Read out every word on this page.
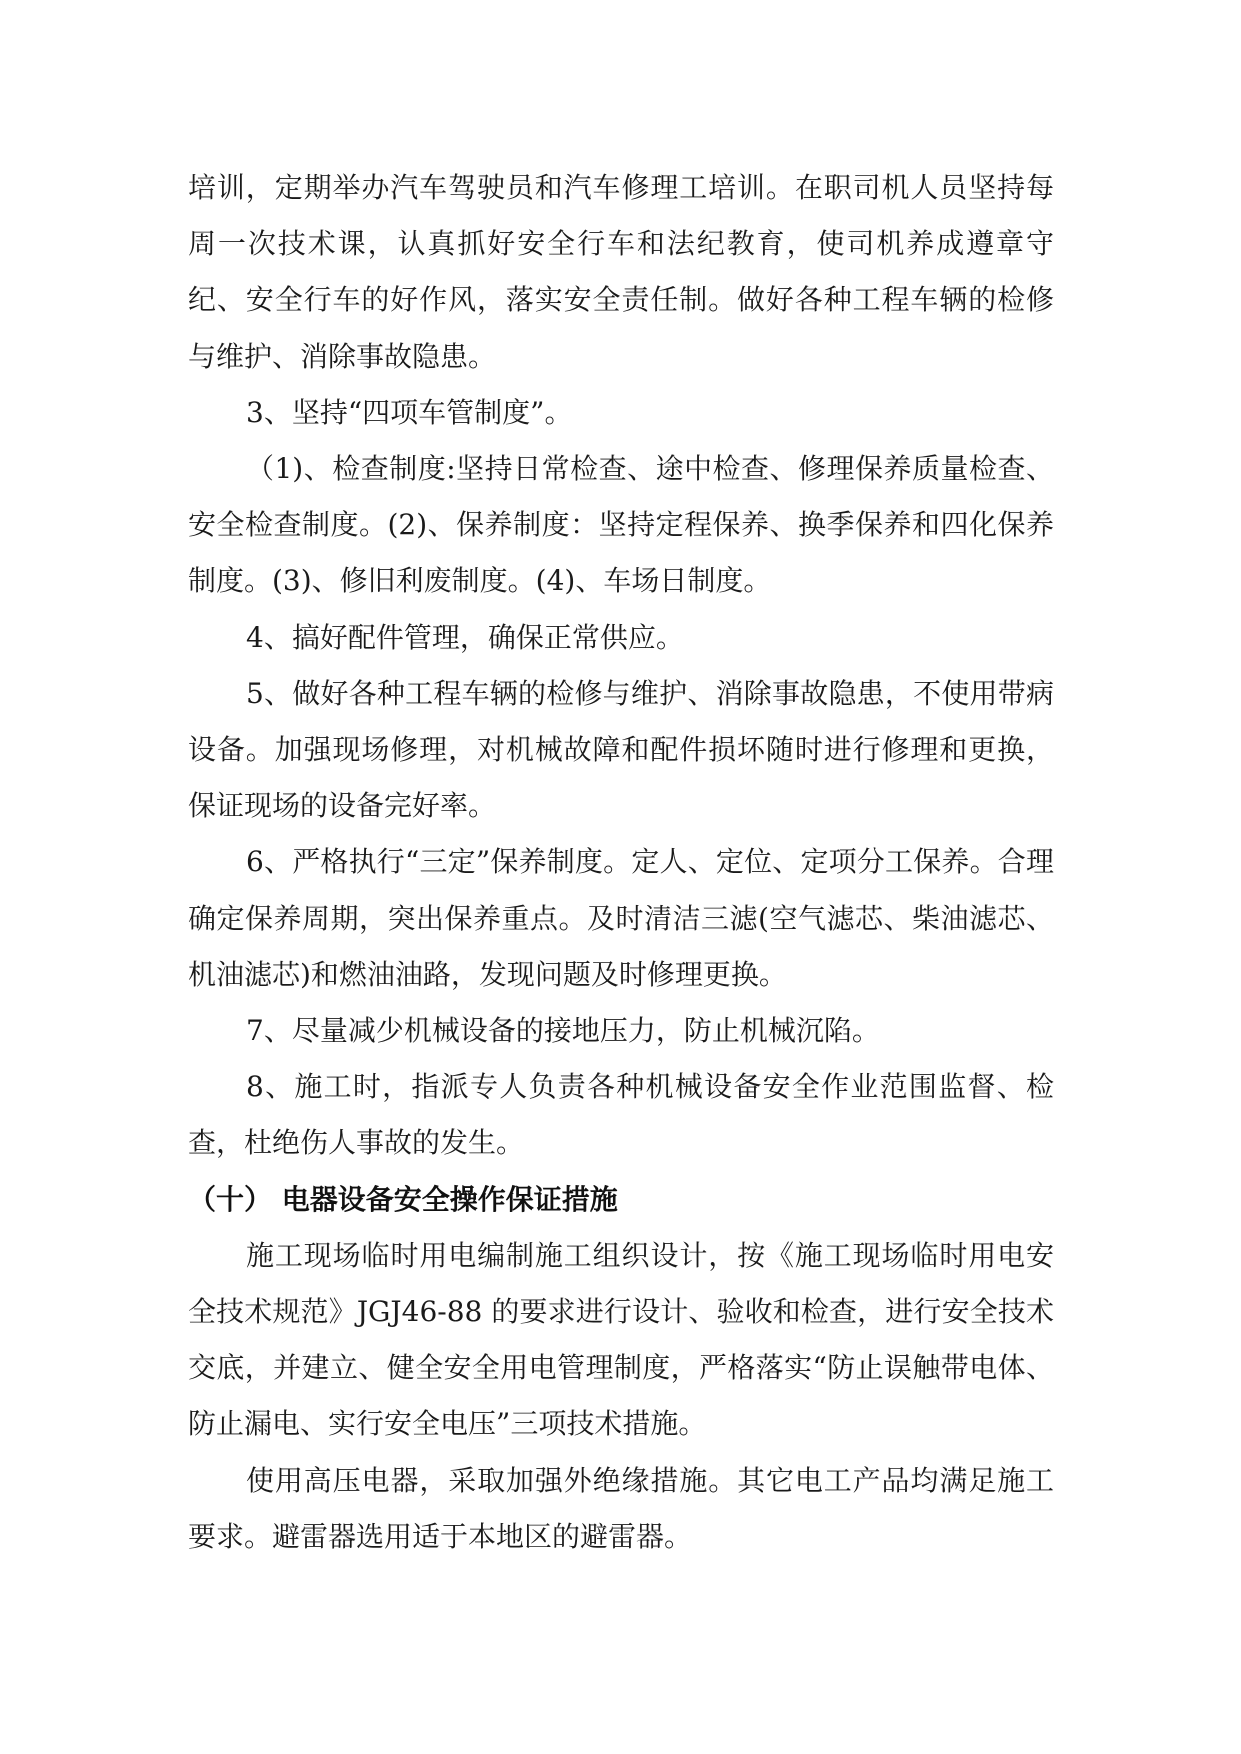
培训，定期举办汽车驾驶员和汽车修理工培训。在职司机人员坚持每周一次技术课，认真抓好安全行车和法纪教育，使司机养成遵章守纪、安全行车的好作风，落实安全责任制。做好各种工程车辆的检修与维护、消除事故隐患。

3、坚持“四项车管制度”。

（1)、检查制度:坚持日常检查、途中检查、修理保养质量检查、安全检查制度。(2)、保养制度：坚持定程保养、换季保养和四化保养制度。(3)、修旧利废制度。(4)、车场日制度。

4、搞好配件管理，确保正常供应。

5、做好各种工程车辆的检修与维护、消除事故隐患，不使用带病设备。加强现场修理，对机械故障和配件损坏随时进行修理和更换，保证现场的设备完好率。

6、严格执行“三定”保养制度。定人、定位、定项分工保养。合理确定保养周期，突出保养重点。及时清洁三滤(空气滤芯、柴油滤芯、机油滤芯)和燃油油路，发现问题及时修理更换。

7、尽量减少机械设备的接地压力，防止机械沉陷。

8、施工时，指派专人负责各种机械设备安全作业范围监督、检查，杜绝伤人事故的发生。

（十） 电器设备安全操作保证措施

施工现场临时用电编制施工组织设计，按《施工现场临时用电安全技术规范》JGJ46-88 的要求进行设计、验收和检查，进行安全技术交底，并建立、健全安全用电管理制度，严格落实“防止误触带电体、防止漏电、实行安全电压”三项技术措施。

使用高压电器，采取加强外绝缘措施。其它电工产品均满足施工要求。避雷器选用适于本地区的避雷器。
